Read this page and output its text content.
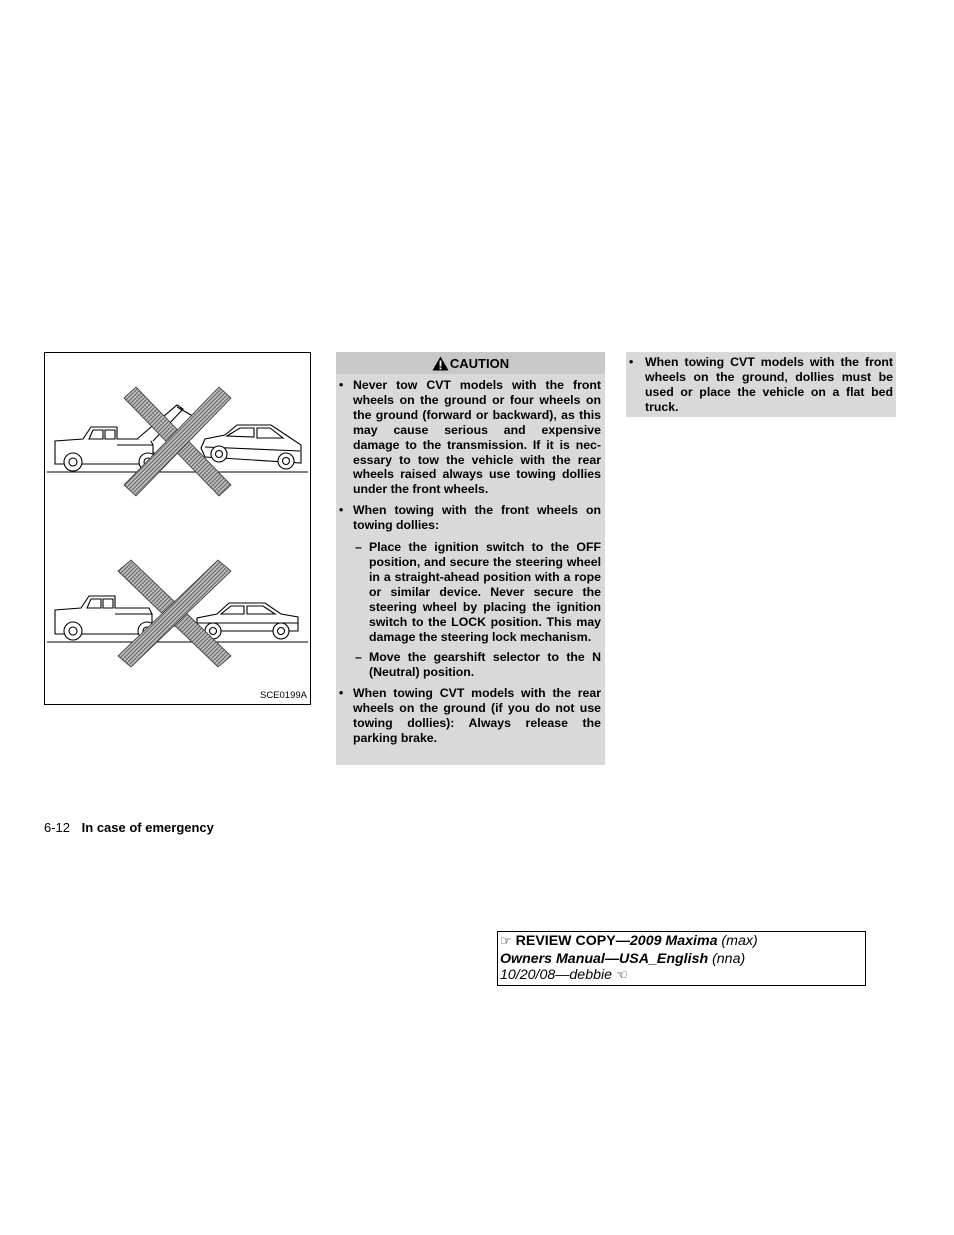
SCE0199A
CAUTION
• Never tow CVT models with the front wheels on the ground or four wheels on the ground (forward or backward), as this may cause serious and expensive damage to the transmission. If it is necessary to tow the vehicle with the rear wheels raised always use towing dollies under the front wheels.
• When towing with the front wheels on towing dollies:
– Place the ignition switch to the OFF position, and secure the steering wheel in a straight-ahead position with a rope or similar device. Never secure the steering wheel by placing the ignition switch to the LOCK position. This may damage the steering lock mechanism.
– Move the gearshift selector to the N (Neutral) position.
• When towing CVT models with the rear wheels on the ground (if you do not use towing dollies): Always release the parking brake.
• When towing CVT models with the front wheels on the ground, dollies must be used or place the vehicle on a flat bed truck.
6-12 In case of emergency
☞ REVIEW COPY—2009 Maxima (max)
Owners Manual—USA_English (nna)
10/20/08—debbie ☜
